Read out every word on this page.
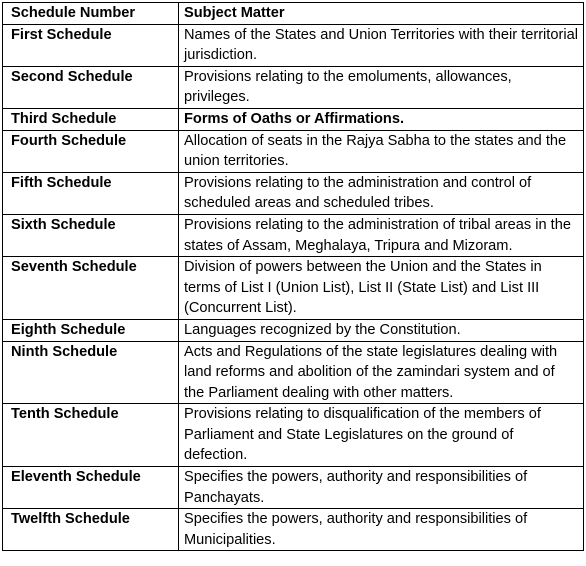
Schedule Number	Subject Matter
First Schedule	Names of the States and Union Territories with their territorial jurisdiction.
Second Schedule	Provisions relating to the emoluments, allowances, privileges.
Third Schedule	Forms of Oaths or Affirmations.
Fourth Schedule	Allocation of seats in the Rajya Sabha to the states and the union territories.
Fifth Schedule	Provisions relating to the administration and control of scheduled areas and scheduled tribes.
Sixth Schedule	Provisions relating to the administration of tribal areas in the states of Assam, Meghalaya, Tripura and Mizoram.
Seventh Schedule	Division of powers between the Union and the States in terms of List I (Union List), List II (State List) and List III (Concurrent List).
Eighth Schedule	Languages recognized by the Constitution.
Ninth Schedule	Acts and Regulations of the state legislatures dealing with land reforms and abolition of the zamindari system and of the Parliament dealing with other matters.
Tenth Schedule	Provisions relating to disqualification of the members of Parliament and State Legislatures on the ground of defection.
Eleventh Schedule	Specifies the powers, authority and responsibilities of Panchayats.
Twelfth Schedule	Specifies the powers, authority and responsibilities of Municipalities.
